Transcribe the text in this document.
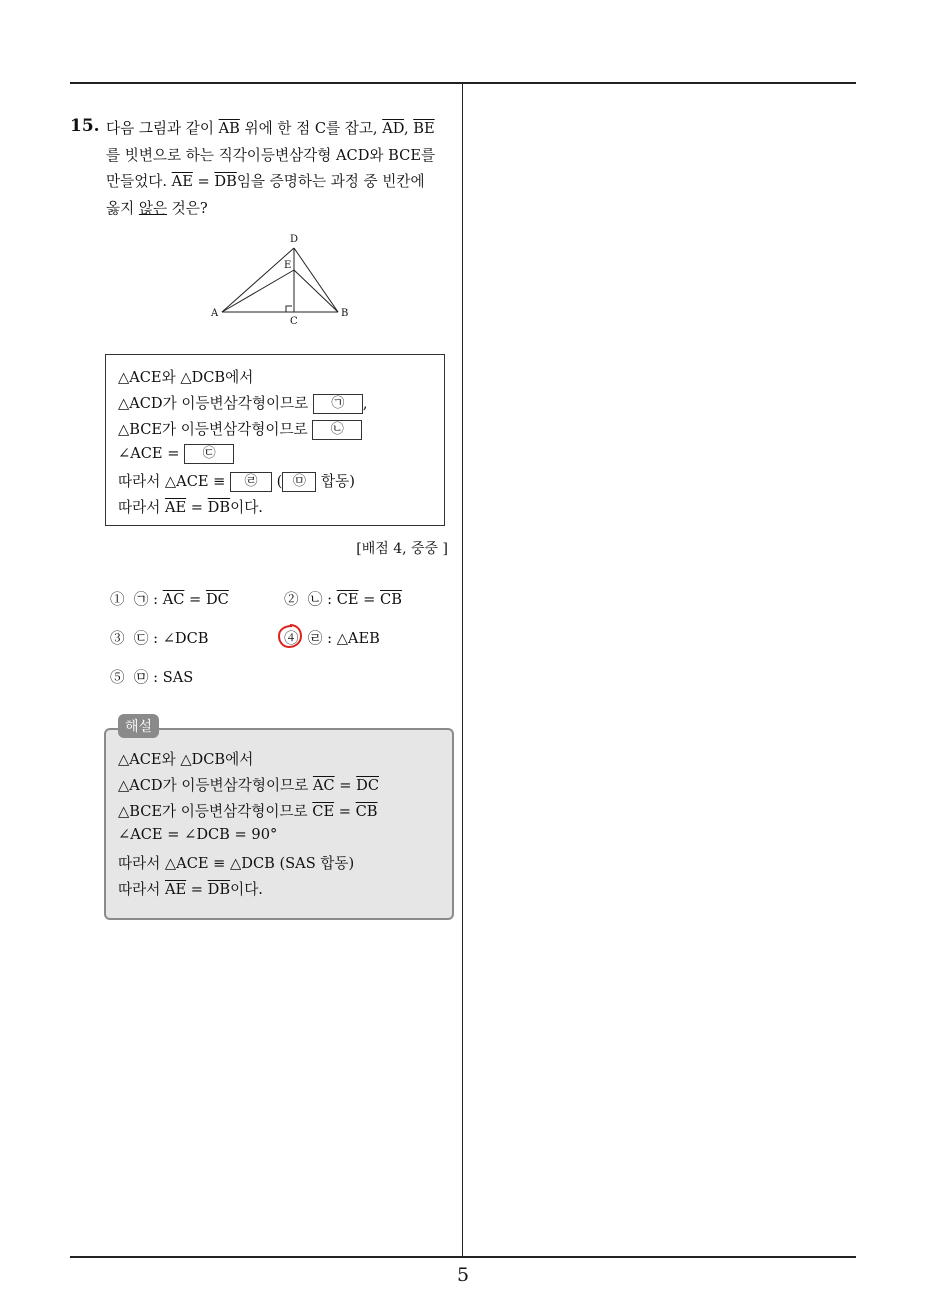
15. 다음 그림과 같이 $\overline{AB}$ 위에 한 점 C를 잡고, $\overline{AD}$, $\overline{BE}$
를 빗변으로 하는 직각이등변삼각형 ACD와 BCE를
만들었다. $\overline{AE} = \overline{DB}$임을 증명하는 과정 중 빈칸에
옳지 않은 것은?
D
E
A
C
B
△ACE와 △DCB에서
△ACD가 이등변삼각형이므로 ㉠ ,
△BCE가 이등변삼각형이므로 ㉡
∠ACE = ㉢
따라서 △ACE ≡ ㉣ ( ㉤ 합동)
따라서 $\overline{AE} = \overline{DB}$이다.
[배점 4, 중중 ]
① ㉠ : $\overline{AC} = \overline{DC}$	② ㉡ : $\overline{CE} = \overline{CB}$
③ ㉢ : ∠DCB	④ ㉣ : △AEB
⑤ ㉤ : SAS
해설
△ACE와 △DCB에서
△ACD가 이등변삼각형이므로 $\overline{AC} = \overline{DC}$
△BCE가 이등변삼각형이므로 $\overline{CE} = \overline{CB}$
∠ACE = ∠DCB = 90°
따라서 △ACE ≡ △DCB (SAS 합동)
따라서 $\overline{AE} = \overline{DB}$이다.
5
